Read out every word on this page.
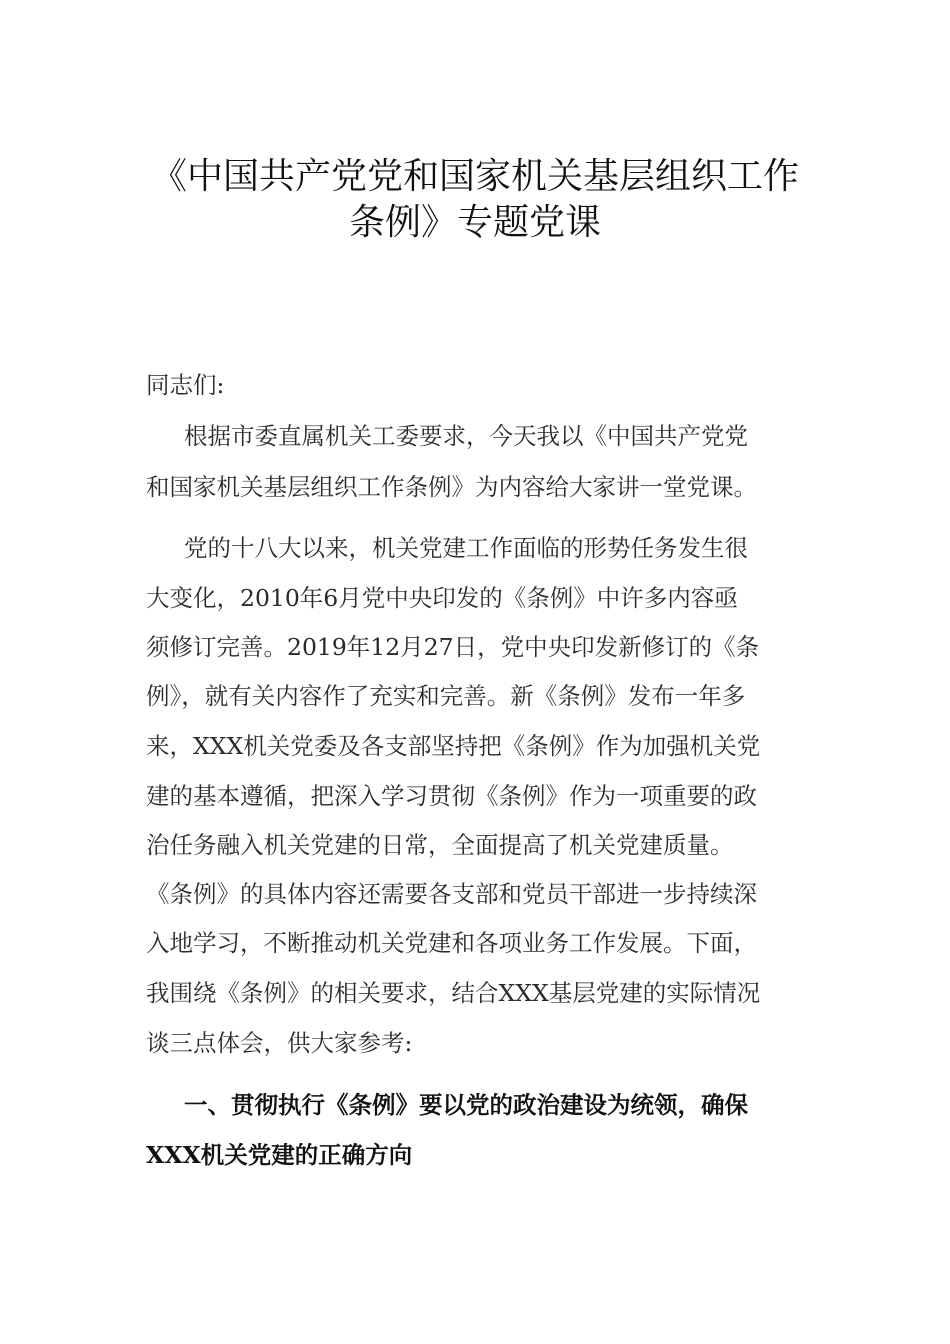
《中国共产党党和国家机关基层组织工作
条例》专题党课

同志们:

根据市委直属机关工委要求，今天我以《中国共产党党

和国家机关基层组织工作条例》为内容给大家讲一堂党课。

党的十八大以来，机关党建工作面临的形势任务发生很

大变化，2010年6月党中央印发的《条例》中许多内容亟

须修订完善。2019年12月27日，党中央印发新修订的《条

例》，就有关内容作了充实和完善。新《条例》发布一年多

来，XXX机关党委及各支部坚持把《条例》作为加强机关党

建的基本遵循，把深入学习贯彻《条例》作为一项重要的政

治任务融入机关党建的日常，全面提高了机关党建质量。

《条例》的具体内容还需要各支部和党员干部进一步持续深

入地学习，不断推动机关党建和各项业务工作发展。下面，

我围绕《条例》的相关要求，结合XXX基层党建的实际情况

谈三点体会，供大家参考:

一、贯彻执行《条例》要以党的政治建设为统领，确保

XXX机关党建的正确方向
